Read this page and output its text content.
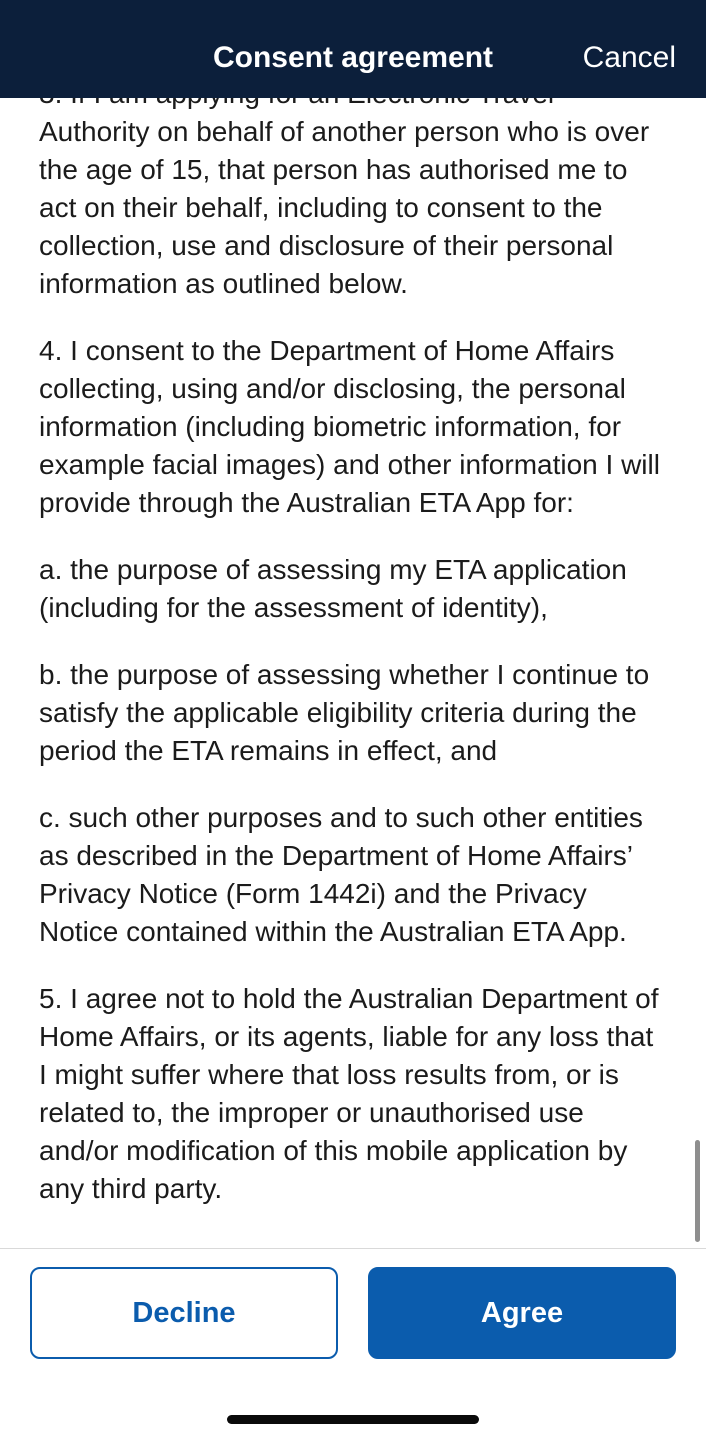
Authority on behalf of another person who is over the age of 15, that person has authorised me to act on their behalf, including to consent to the collection, use and disclosure of their personal information as outlined below.

4. I consent to the Department of Home Affairs collecting, using and/or disclosing, the personal information (including biometric information, for example facial images) and other information I will provide through the Australian ETA App for:

a. the purpose of assessing my ETA application (including for the assessment of identity),

b. the purpose of assessing whether I continue to satisfy the applicable eligibility criteria during the period the ETA remains in effect, and

c. such other purposes and to such other entities as described in the Department of Home Affairs’ Privacy Notice (Form 1442i) and the Privacy Notice contained within the Australian ETA App.

5. I agree not to hold the Australian Department of Home Affairs, or its agents, liable for any loss that I might suffer where that loss results from, or is related to, the improper or unauthorised use and/or modification of this mobile application by any third party.

Consent agreement	Cancel
Decline	Agree
